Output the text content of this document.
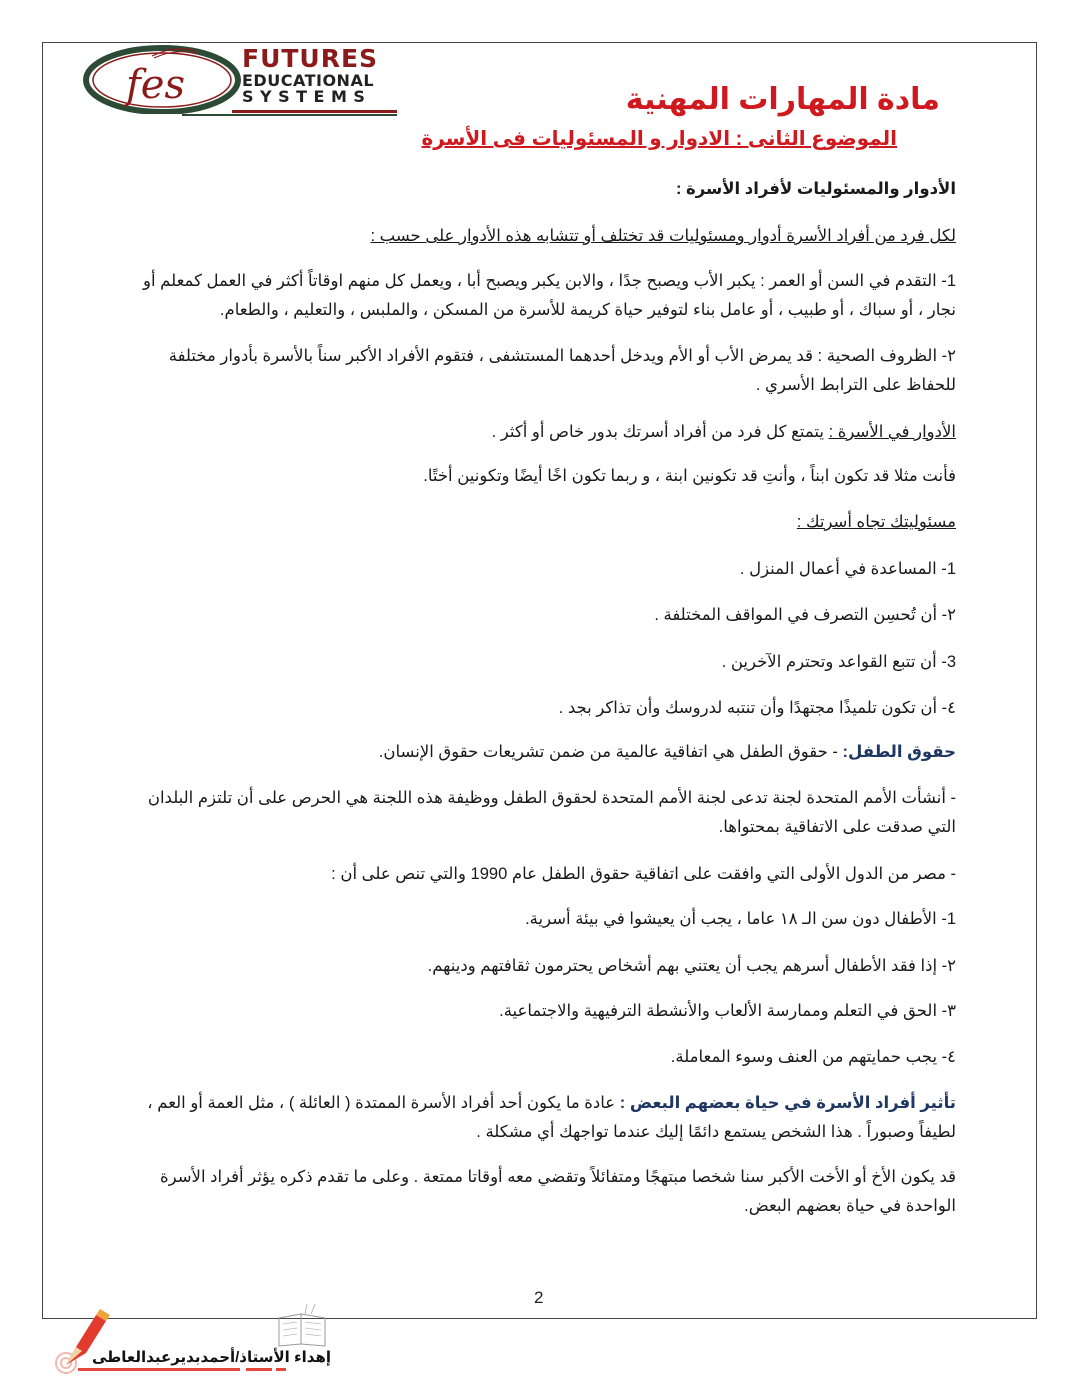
fes
FUTURES
EDUCATIONAL
SYSTEMS	مادة المهارات المهنية
الموضوع الثانى : الادوار و المسئوليات فى الأسرة
الأدوار والمسئوليات لأفراد الأسرة :
لكل فرد من أفراد الأسرة أدوار ومسئوليات قد تختلف أو تتشابه هذه الأدوار على حسب :
1- التقدم في السن أو العمر : يكبر الأب ويصبح جدًا ، والابن يكبر ويصبح أبا ، ويعمل كل منهم اوقاتاً أكثر في العمل كمعلم أو نجار ، أو سباك ، أو طبيب ، أو عامل بناء لتوفير حياة كريمة للأسرة من المسكن ، والملبس ، والتعليم ، والطعام.
٢- الظروف الصحية : قد يمرض الأب أو الأم ويدخل أحدهما المستشفى ، فتقوم الأفراد الأكبر سناً بالأسرة بأدوار مختلفة للحفاظ على الترابط الأسري .
الأدوار في الأسرة : يتمتع كل فرد من أفراد أسرتك بدور خاص أو أكثر .
فأنت مثلا قد تكون ابناً ، وأنتِ قد تكونين ابنة ، و ربما تكون اخًا أيضًا وتكونين أختًا.
مسئوليتك تجاه أسرتك :
1- المساعدة في أعمال المنزل .
٢- أن تُحسِن التصرف في المواقف المختلفة .
3- أن تتبع القواعد وتحترم الآخرين .
٤- أن تكون تلميذًا مجتهدًا وأن تنتبه لدروسك وأن تذاكر بجد .
حقوق الطفل: - حقوق الطفل هي اتفاقية عالمية من ضمن تشريعات حقوق الإنسان.
- أنشأت الأمم المتحدة لجنة تدعى لجنة الأمم المتحدة لحقوق الطفل ووظيفة هذه اللجنة هي الحرص على أن تلتزم البلدان التي صدقت على الاتفاقية بمحتواها.
- مصر من الدول الأولى التي وافقت على اتفاقية حقوق الطفل عام 1990 والتي تنص على أن :
1- الأطفال دون سن الـ ١٨ عاما ، يجب أن يعيشوا في بيئة أسرية.
٢- إذا فقد الأطفال أسرهم يجب أن يعتني بهم أشخاص يحترمون ثقافتهم ودينهم.
٣- الحق في التعلم وممارسة الألعاب والأنشطة الترفيهية والاجتماعية.
٤- يجب حمايتهم من العنف وسوء المعاملة.
تأثير أفراد الأسرة في حياة بعضهم البعض : عادة ما يكون أحد أفراد الأسرة الممتدة ( العائلة ) ، مثل العمة أو العم ، لطيفاً وصبوراً . هذا الشخص يستمع دائمًا إليك عندما تواجهك أي مشكلة .
قد يكون الأخ أو الأخت الأكبر سنا شخصا مبتهجًا ومتفائلاً وتقضي معه أوقاتا ممتعة . وعلى ما تقدم ذكره يؤثر أفراد الأسرة الواحدة في حياة بعضهم البعض.
2
إهداء الأستاذ/أحمدبديرعبدالعاطى
